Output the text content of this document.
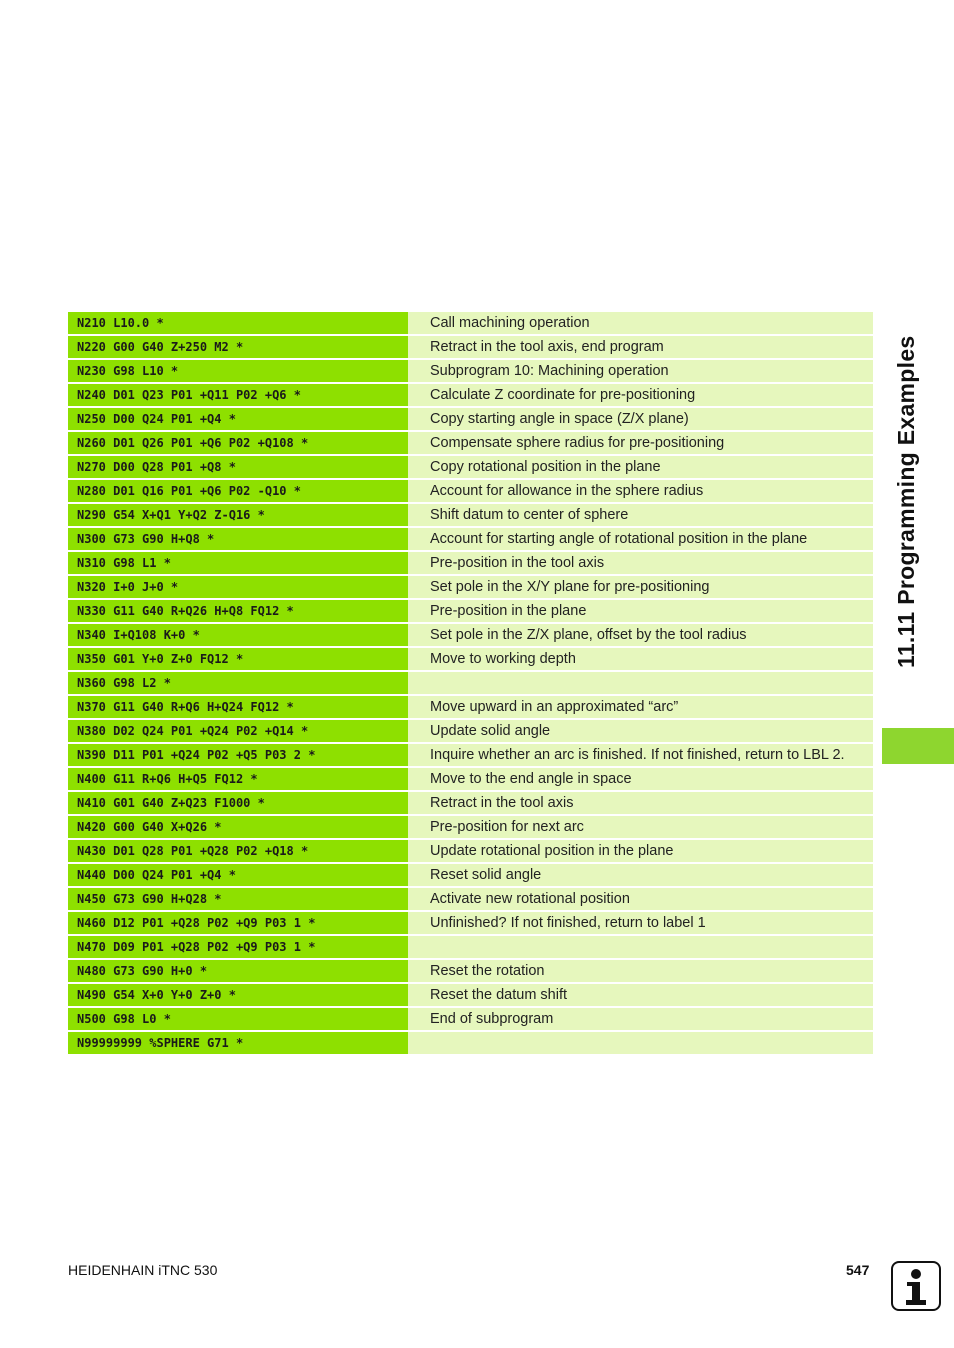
N210 L10.0 *	Call machining operation
N220 G00 G40 Z+250 M2 *	Retract in the tool axis, end program
N230 G98 L10 *	Subprogram 10: Machining operation
N240 D01 Q23 P01 +Q11 P02 +Q6 *	Calculate Z coordinate for pre-positioning
N250 D00 Q24 P01 +Q4 *	Copy starting angle in space (Z/X plane)
N260 D01 Q26 P01 +Q6 P02 +Q108 *	Compensate sphere radius for pre-positioning
N270 D00 Q28 P01 +Q8 *	Copy rotational position in the plane
N280 D01 Q16 P01 +Q6 P02 -Q10 *	Account for allowance in the sphere radius
N290 G54 X+Q1 Y+Q2 Z-Q16 *	Shift datum to center of sphere
N300 G73 G90 H+Q8 *	Account for starting angle of rotational position in the plane
N310 G98 L1 *	Pre-position in the tool axis
N320 I+0 J+0 *	Set pole in the X/Y plane for pre-positioning
N330 G11 G40 R+Q26 H+Q8 FQ12 *	Pre-position in the plane
N340 I+Q108 K+0 *	Set pole in the Z/X plane, offset by the tool radius
N350 G01 Y+0 Z+0 FQ12 *	Move to working depth
N360 G98 L2 *
N370 G11 G40 R+Q6 H+Q24 FQ12 *	Move upward in an approximated “arc”
N380 D02 Q24 P01 +Q24 P02 +Q14 *	Update solid angle
N390 D11 P01 +Q24 P02 +Q5 P03 2 *	Inquire whether an arc is finished. If not finished, return to LBL 2.
N400 G11 R+Q6 H+Q5 FQ12 *	Move to the end angle in space
N410 G01 G40 Z+Q23 F1000 *	Retract in the tool axis
N420 G00 G40 X+Q26 *	Pre-position for next arc
N430 D01 Q28 P01 +Q28 P02 +Q18 *	Update rotational position in the plane
N440 D00 Q24 P01 +Q4 *	Reset solid angle
N450 G73 G90 H+Q28 *	Activate new rotational position
N460 D12 P01 +Q28 P02 +Q9 P03 1 *	Unfinished? If not finished, return to label 1
N470 D09 P01 +Q28 P02 +Q9 P03 1 *
N480 G73 G90 H+0 *	Reset the rotation
N490 G54 X+0 Y+0 Z+0 *	Reset the datum shift
N500 G98 L0 *	End of subprogram
N99999999 %SPHERE G71 *
11.11 Programming Examples
HEIDENHAIN iTNC 530	547
